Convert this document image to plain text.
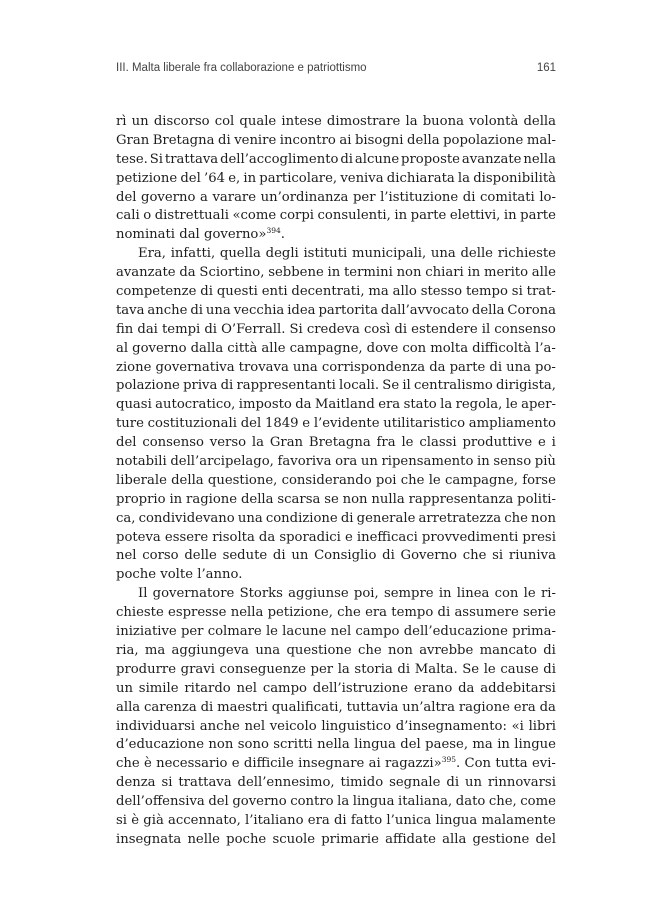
III. Malta liberale fra collaborazione e patriottismo	161
rì un discorso col quale intese dimostrare la buona volontà della
Gran Bretagna di venire incontro ai bisogni della popolazione mal-
tese. Si trattava dell’accoglimento di alcune proposte avanzate nella
petizione del ’64 e, in particolare, veniva dichiarata la disponibilità
del governo a varare un’ordinanza per l’istituzione di comitati lo-
cali o distrettuali «come corpi consulenti, in parte elettivi, in parte
nominati dal governo»$^{394}$.
Era, infatti, quella degli istituti municipali, una delle richieste
avanzate da Sciortino, sebbene in termini non chiari in merito alle
competenze di questi enti decentrati, ma allo stesso tempo si trat-
tava anche di una vecchia idea partorita dall’avvocato della Corona
fin dai tempi di O’Ferrall. Si credeva così di estendere il consenso
al governo dalla città alle campagne, dove con molta difficoltà l’a-
zione governativa trovava una corrispondenza da parte di una po-
polazione priva di rappresentanti locali. Se il centralismo dirigista,
quasi autocratico, imposto da Maitland era stato la regola, le aper-
ture costituzionali del 1849 e l’evidente utilitaristico ampliamento
del consenso verso la Gran Bretagna fra le classi produttive e i
notabili dell’arcipelago, favoriva ora un ripensamento in senso più
liberale della questione, considerando poi che le campagne, forse
proprio in ragione della scarsa se non nulla rappresentanza politi-
ca, condividevano una condizione di generale arretratezza che non
poteva essere risolta da sporadici e inefficaci provvedimenti presi
nel corso delle sedute di un Consiglio di Governo che si riuniva
poche volte l’anno.
Il governatore Storks aggiunse poi, sempre in linea con le ri-
chieste espresse nella petizione, che era tempo di assumere serie
iniziative per colmare le lacune nel campo dell’educazione prima-
ria, ma aggiungeva una questione che non avrebbe mancato di
produrre gravi conseguenze per la storia di Malta. Se le cause di
un simile ritardo nel campo dell’istruzione erano da addebitarsi
alla carenza di maestri qualificati, tuttavia un’altra ragione era da
individuarsi anche nel veicolo linguistico d’insegnamento: «i libri
d’educazione non sono scritti nella lingua del paese, ma in lingue
che è necessario e difficile insegnare ai ragazzi»$^{395}$. Con tutta evi-
denza si trattava dell’ennesimo, timido segnale di un rinnovarsi
dell’offensiva del governo contro la lingua italiana, dato che, come
si è già accennato, l’italiano era di fatto l’unica lingua malamente
insegnata nelle poche scuole primarie affidate alla gestione del
